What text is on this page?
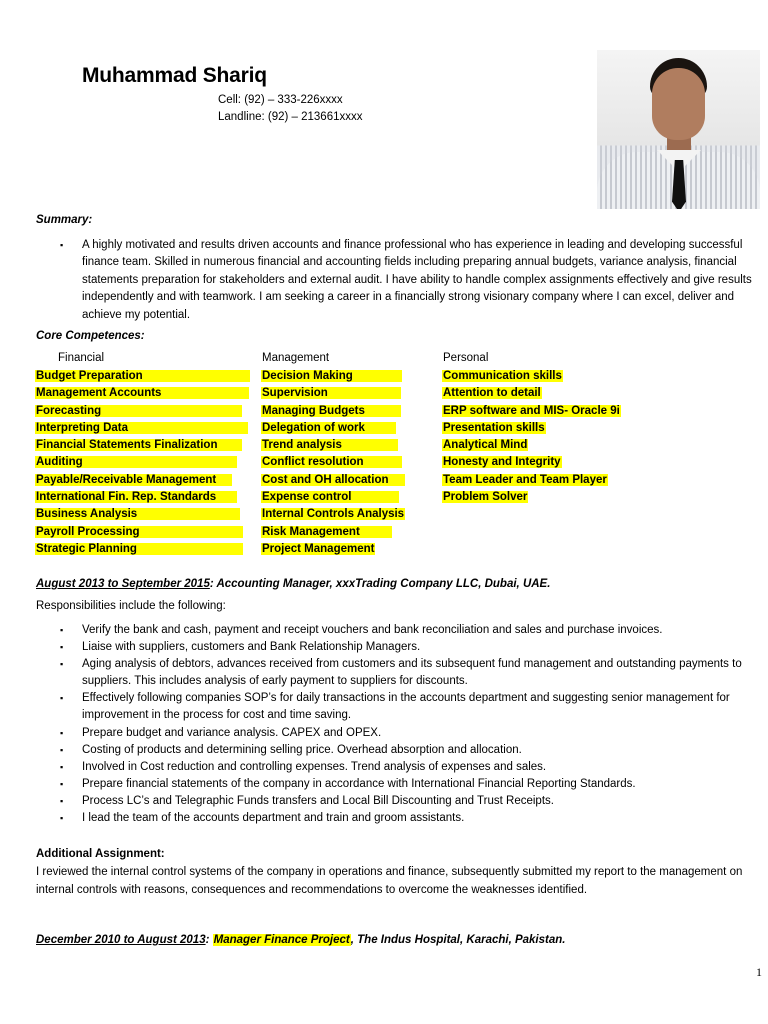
Muhammad Shariq
Cell: (92) – 333-226xxxx
Landline: (92) – 213661xxxx
Summary:
▪ A highly motivated and results driven accounts and finance professional who has experience in leading and developing successful finance team. Skilled in numerous financial and accounting fields including preparing annual budgets, variance analysis, financial statements preparation for stakeholders and external audit. I have ability to handle complex assignments effectively and give results independently and with teamwork. I am seeking a career in a financially strong visionary company where I can excel, deliver and achieve my potential.
Core Competences:
Financial	Management	Personal
Budget Preparation
Management Accounts
Forecasting
Interpreting Data
Financial Statements Finalization
Auditing
Payable/Receivable Management
International Fin. Rep. Standards
Business Analysis
Payroll Processing
Strategic Planning
Decision Making
Supervision
Managing Budgets
Delegation of work
Trend analysis
Conflict resolution
Cost and OH allocation
Expense control
Internal Controls Analysis
Risk Management
Project Management
Communication skills
Attention to detail
ERP software and MIS- Oracle 9i
Presentation skills
Analytical Mind
Honesty and Integrity
Team Leader and Team Player
Problem Solver
August 2013 to September 2015: Accounting Manager, xxxTrading Company LLC, Dubai, UAE.
Responsibilities include the following:
▪ Verify the bank and cash, payment and receipt vouchers and bank reconciliation and sales and purchase invoices.
▪ Liaise with suppliers, customers and Bank Relationship Managers.
▪ Aging analysis of debtors, advances received from customers and its subsequent fund management and outstanding payments to suppliers. This includes analysis of early payment to suppliers for discounts.
▪ Effectively following companies SOP’s for daily transactions in the accounts department and suggesting senior management for improvement in the process for cost and time saving.
▪ Prepare budget and variance analysis. CAPEX and OPEX.
▪ Costing of products and determining selling price. Overhead absorption and allocation.
▪ Involved in Cost reduction and controlling expenses. Trend analysis of expenses and sales.
▪ Prepare financial statements of the company in accordance with International Financial Reporting Standards.
▪ Process LC’s and Telegraphic Funds transfers and Local Bill Discounting and Trust Receipts.
▪ I lead the team of the accounts department and train and groom assistants.
Additional Assignment:
I reviewed the internal control systems of the company in operations and finance, subsequently submitted my report to the management on internal controls with reasons, consequences and recommendations to overcome the weaknesses identified.
December 2010 to August 2013: Manager Finance Project, The Indus Hospital, Karachi, Pakistan.
1
